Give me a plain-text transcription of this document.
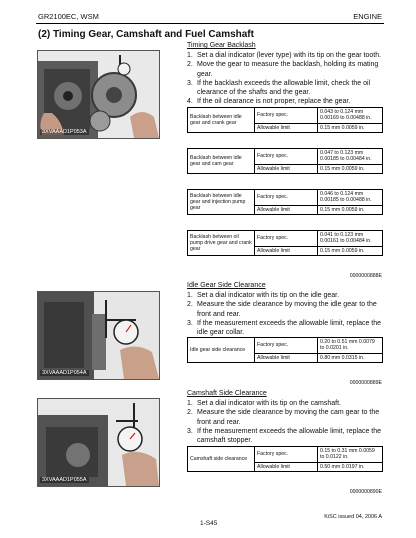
GR2100EC, WSM	ENGINE
(2) Timing Gear, Camshaft and Fuel Camshaft
3XVAAAD1P053A
Timing Gear Backlash
1. Set a dial indicator (lever type) with its tip on the gear tooth.
2. Move the gear to measure the backlash, holding its mating gear.
3. If the backlash exceeds the allowable limit, check the oil clearance of the shafts and the gear.
4. If the oil clearance is not proper, replace the gear.
Backlash between idle gear and crank gear	Factory spec.	0.043 to 0.124 mm 0.00169 to 0.00488 in.
	Allowable limit	0.15 mm 0.0059 in.
Backlash between idle gear and cam gear	Factory spec.	0.047 to 0.123 mm 0.00185 to 0.00484 in.
	Allowable limit	0.15 mm 0.0059 in.
Backlash between idle gear and injection pump gear	Factory spec.	0.046 to 0.124 mm 0.00185 to 0.00488 in.
	Allowable limit	0.15 mm 0.0059 in.
Backlash between oil pump drive gear and crank gear	Factory spec.	0.041 to 0.123 mm 0.00161 to 0.00484 in.
	Allowable limit	0.15 mm 0.0059 in.
0000000888E
3XVAAAD1P054A
Idle Gear Side Clearance
1. Set a dial indicator with its tip on the idle gear.
2. Measure the side clearance by moving the idle gear to the front and rear.
3. If the measurement exceeds the allowable limit, replace the idle gear collar.
Idle gear side clearance	Factory spec.	0.20 to 0.51 mm 0.0079 to 0.0201 in.
	Allowable limit	0.80 mm 0.0315 in.
0000000889E
3XVAAAD1P055A
Camshaft Side Clearance
1. Set a dial indicator with its tip on the camshaft.
2. Measure the side clearance by moving the cam gear to the front and rear.
3. If the measurement exceeds the allowable limit, replace the camshaft stopper.
Camshaft side clearance	Factory spec.	0.15 to 0.31 mm 0.0059 to 0.0122 in.
	Allowable limit	0.50 mm 0.0197 in.
0000000890E
KiSC issued 04, 2006 A
1-S45
